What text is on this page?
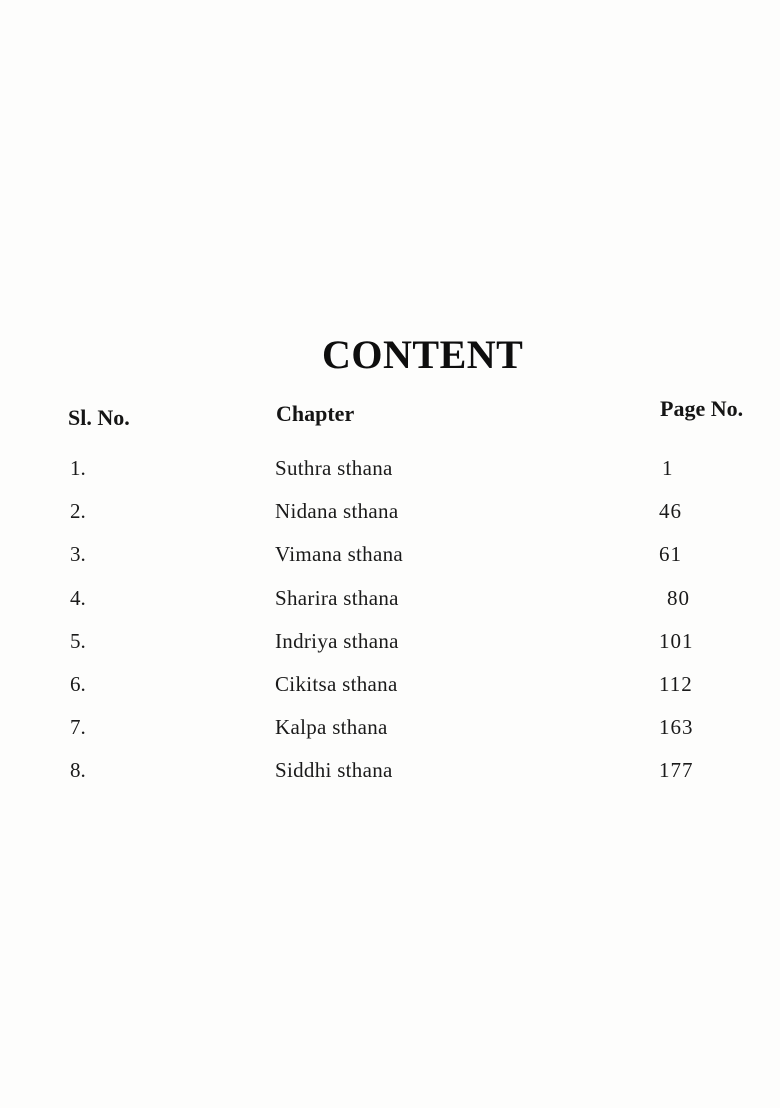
CONTENT
Sl. No.	Chapter	Page No.
1.	Suthra sthana	1
2.	Nidana sthana	46
3.	Vimana sthana	61
4.	Sharira sthana	80
5.	Indriya sthana	101
6.	Cikitsa sthana	112
7.	Kalpa sthana	163
8.	Siddhi sthana	177
